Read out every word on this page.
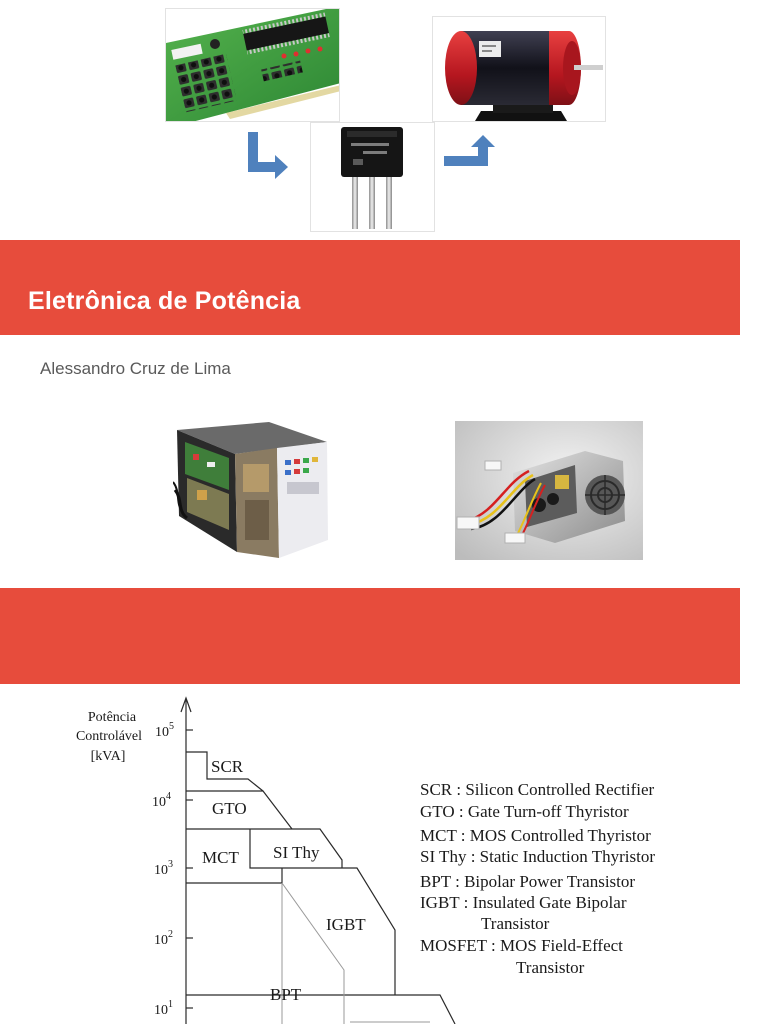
Eletrônica de Potência
Alessandro Cruz de Lima
Potência
Controlável
[kVA]
$10^5$
$10^4$
$10^3$
$10^2$
$10^1$
SCR
GTO
MCT SI Thy
IGBT
BPT
SCR : Silicon Controlled Rectifier
GTO : Gate Turn-off Thyristor
MCT : MOS Controlled Thyristor
SI Thy : Static Induction Thyristor
BPT : Bipolar Power Transistor
IGBT : Insulated Gate Bipolar
Transistor
MOSFET : MOS Field-Effect
Transistor
